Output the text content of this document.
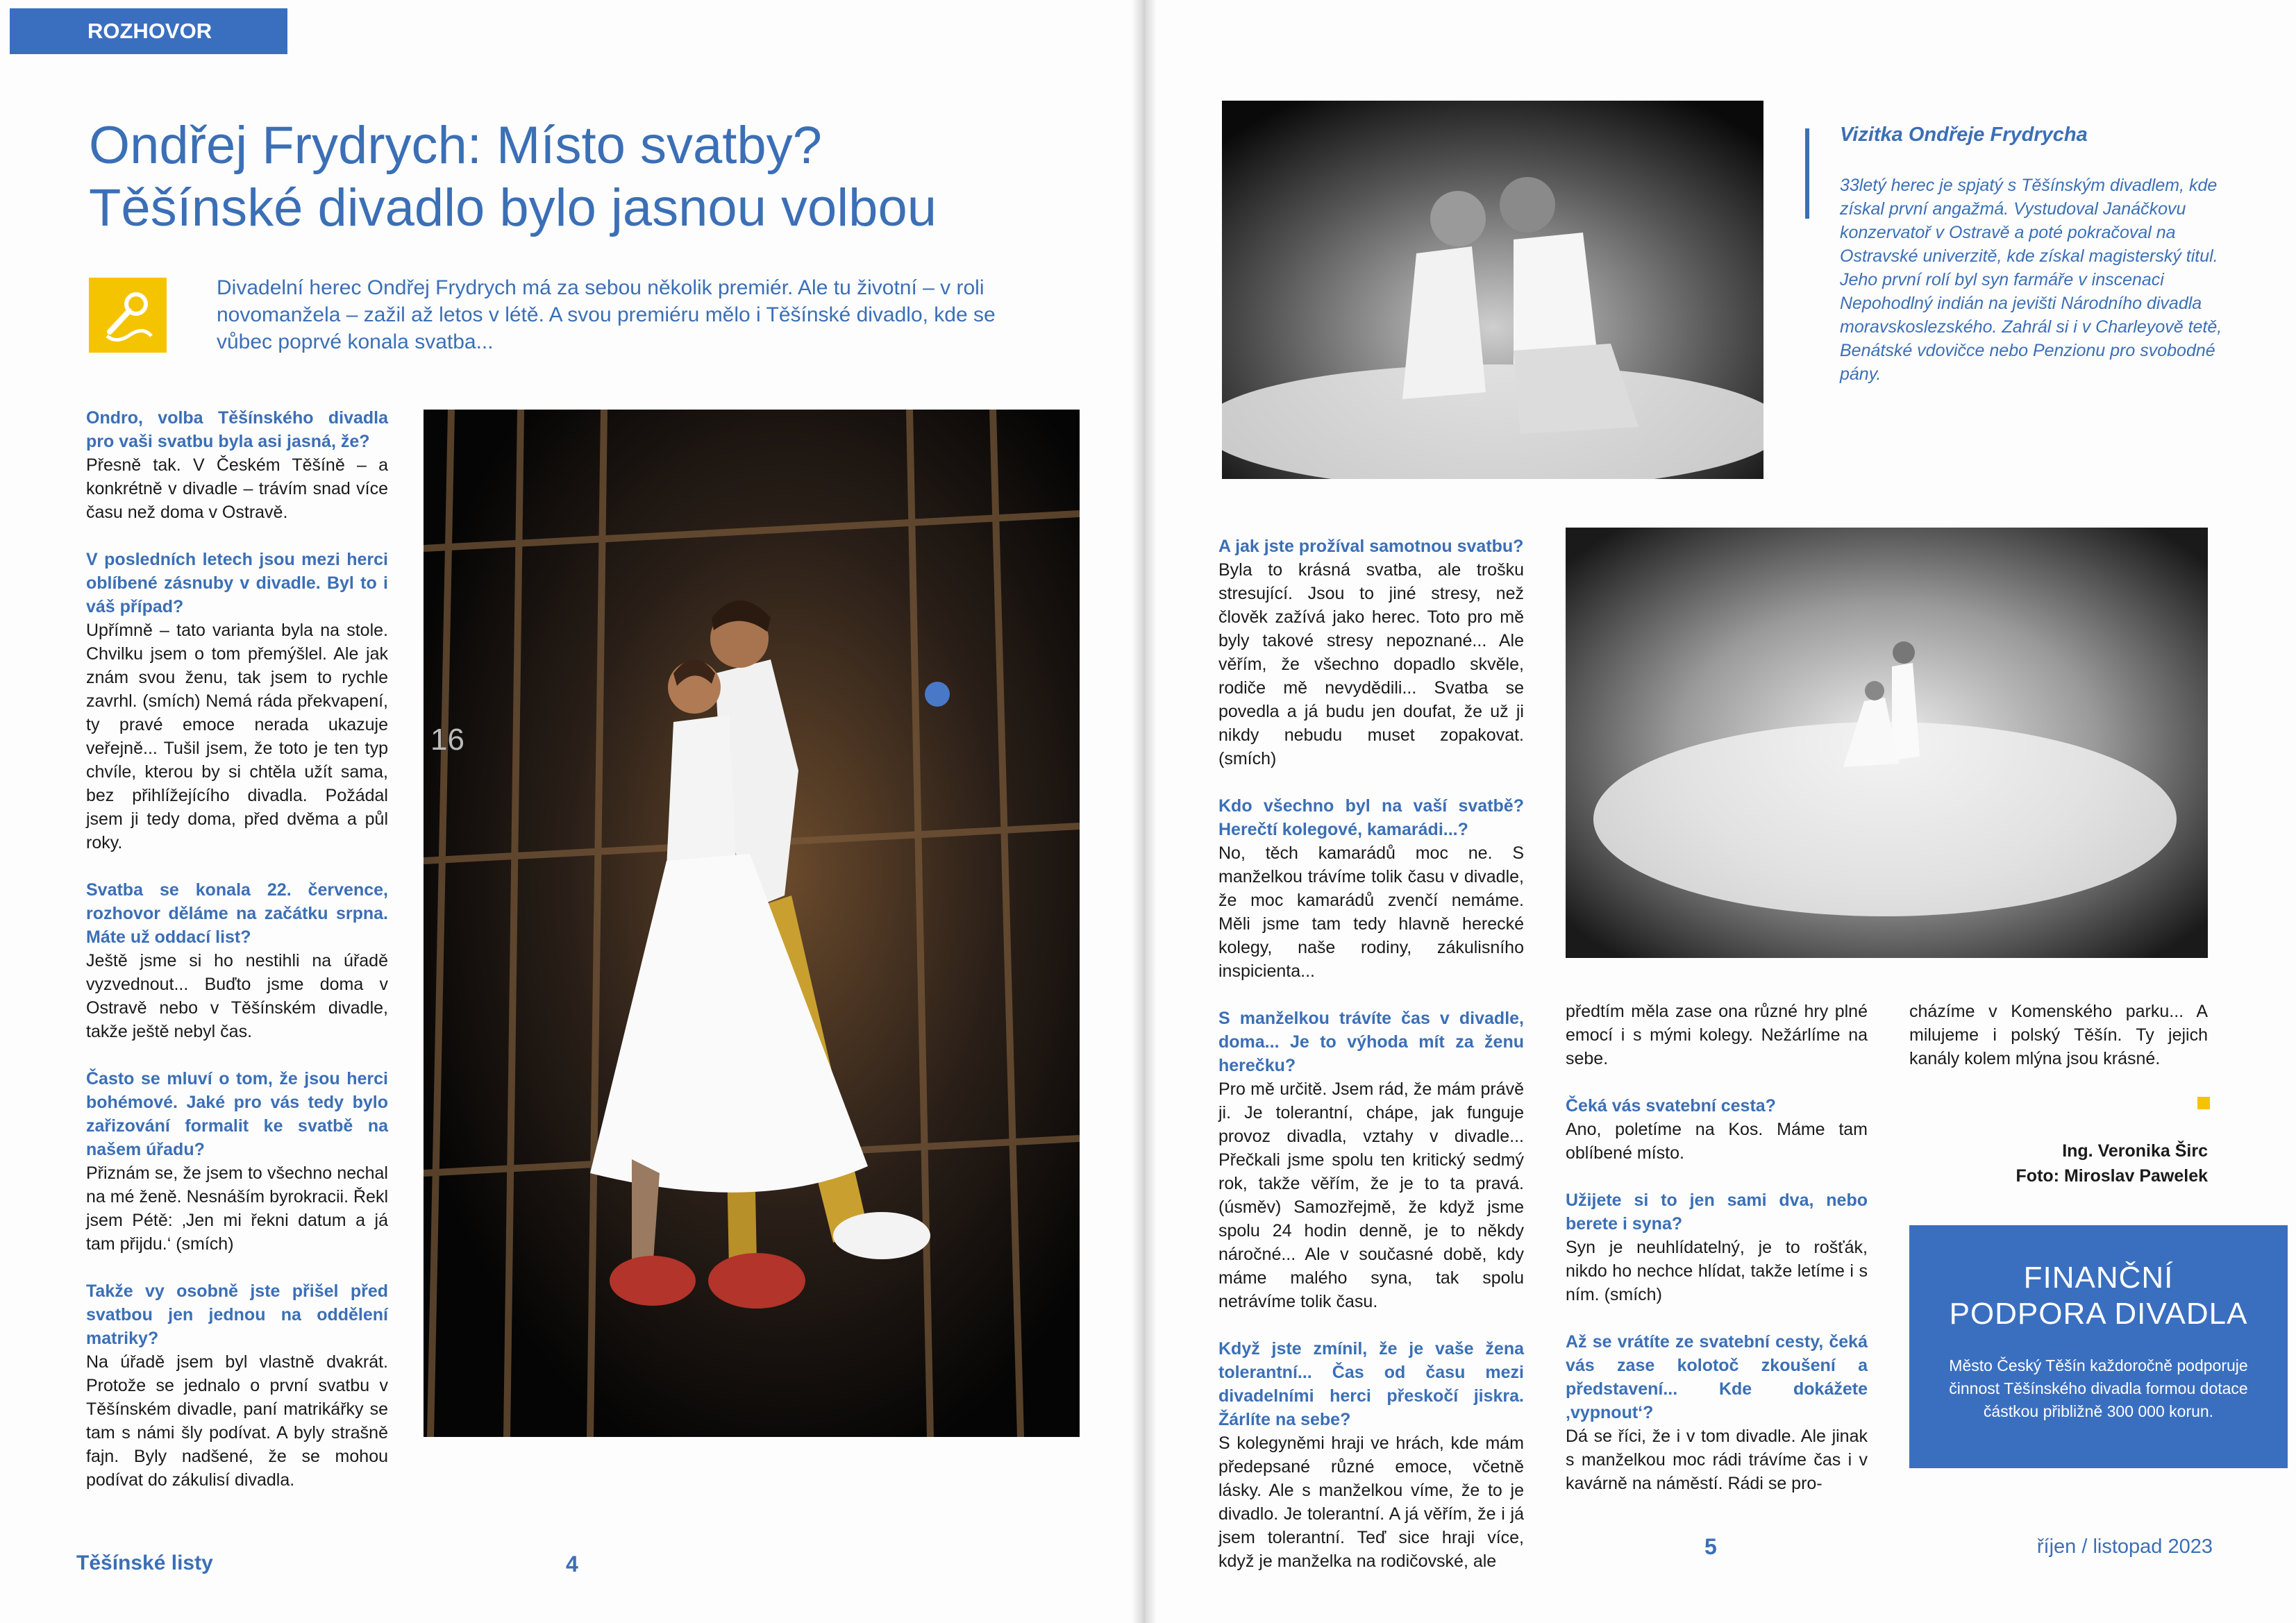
ROZHOVOR
Ondřej Frydrych: Místo svatby?
Těšínské divadlo bylo jasnou volbou

Divadelní herec Ondřej Frydrych má za sebou několik premiér. Ale tu životní – v roli novomanžela – zažil až letos v létě. A svou premiéru mělo i Těšínské divadlo, kde se vůbec poprvé konala svatba...

Ondro, volba Těšínského divadla pro vaši svatbu byla asi jasná, že?

Přesně tak. V Českém Těšíně – a konkrétně v divadle – trávím snad více času než doma v Ostravě.

V posledních letech jsou mezi herci oblíbené zásnuby v divadle. Byl to i váš případ?

Upřímně – tato varianta byla na stole. Chvilku jsem o tom přemýšlel. Ale jak znám svou ženu, tak jsem to rychle zavrhl. (smích) Nemá ráda překvapení, ty pravé emoce nerada ukazuje veřejně... Tušil jsem, že toto je ten typ chvíle, kterou by si chtěla užít sama, bez přihlížejícího divadla. Požádal jsem ji tedy doma, před dvěma a půl roky.

Svatba se konala 22. července, rozhovor děláme na začátku srpna. Máte už oddací list?

Ještě jsme si ho nestihli na úřadě vyzvednout... Buďto jsme doma v Ostravě nebo v Těšínském divadle, takže ještě nebyl čas.

Často se mluví o tom, že jsou herci bohémové. Jaké pro vás tedy bylo zařizování formalit ke svatbě na našem úřadu?

Přiznám se, že jsem to všechno nechal na mé ženě. Nesnáším byrokracii. Řekl jsem Pétě: ‚Jen mi řekni datum a já tam přijdu.‘ (smích)

Takže vy osobně jste přišel před svatbou jen jednou na oddělení matriky?

Na úřadě jsem byl vlastně dvakrát. Protože se jednalo o první svatbu v Těšínském divadle, paní matrikářky se tam s námi šly podívat. A byly strašně fajn. Byly nadšené, že se mohou podívat do zákulisí divadla.

16

A jak jste prožíval samotnou svatbu?

Byla to krásná svatba, ale trošku stresující. Jsou to jiné stresy, než člověk zažívá jako herec. Toto pro mě byly takové stresy nepoznané... Ale věřím, že všechno dopadlo skvěle, rodiče mě nevydědili... Svatba se povedla a já budu jen doufat, že už ji nikdy nebudu muset zopakovat. (smích)

Kdo všechno byl na vaší svatbě? Herečtí kolegové, kamarádi...?

No, těch kamarádů moc ne. S manželkou trávíme tolik času v divadle, že moc kamarádů zvenčí nemáme. Měli jsme tam tedy hlavně herecké kolegy, naše rodiny, zákulisního inspicienta...

S manželkou trávíte čas v divadle, doma... Je to výhoda mít za ženu herečku?

Pro mě určitě. Jsem rád, že mám právě ji. Je tolerantní, chápe, jak funguje provoz divadla, vztahy v divadle... Přečkali jsme spolu ten kritický sedmý rok, takže věřím, že je to ta pravá. (úsměv) Samozřejmě, že když jsme spolu 24 hodin denně, je to někdy náročné... Ale v současné době, kdy máme malého syna, tak spolu netrávíme tolik času.

Když jste zmínil, že je vaše žena tolerantní... Čas od času mezi divadelními herci přeskočí jiskra. Žárlíte na sebe?

S kolegyněmi hraji ve hrách, kde mám předepsané různé emoce, včetně lásky. Ale s manželkou víme, že to je divadlo. Je tolerantní. A já věřím, že i já jsem tolerantní. Teď sice hraji více, když je manželka na rodičovské, ale

předtím měla zase ona různé hry plné emocí i s mými kolegy. Nežárlíme na sebe.

Čeká vás svatební cesta?

Ano, poletíme na Kos. Máme tam oblíbené místo.

Užijete si to jen sami dva, nebo berete i syna?

Syn je neuhlídatelný, je to rošťák, nikdo ho nechce hlídat, takže letíme i s ním. (smích)

Až se vrátíte ze svatební cesty, čeká vás zase kolotoč zkoušení a představení... Kde dokážete ‚vypnout‘?

Dá se říci, že i v tom divadle. Ale jinak s manželkou moc rádi trávíme čas i v kavárně na náměstí. Rádi se pro-

cházíme v Komenského parku... A milujeme i polský Těšín. Ty jejich kanály kolem mlýna jsou krásné.

Ing. Veronika Širc
Foto: Miroslav Pawelek
Vizitka Ondřeje Frydrycha

33letý herec je spjatý s Těšínským divadlem, kde získal první angažmá. Vystudoval Janáčkovu konzervatoř v Ostravě a poté pokračoval na Ostravské univerzitě, kde získal magisterský titul. Jeho první rolí byl syn farmáře v inscenaci Nepohodlný indián na jevišti Národního divadla moravskoslezského. Zahrál si i v Charleyově tetě, Benátské vdovičce nebo Penzionu pro svobodné pány.

FINANČNÍ
PODPORA DIVADLA
Město Český Těšín každoročně podporuje činnost Těšínského divadla formou dotace částkou přibližně 300 000 korun.
Těšínské listy	4
5	říjen / listopad 2023
